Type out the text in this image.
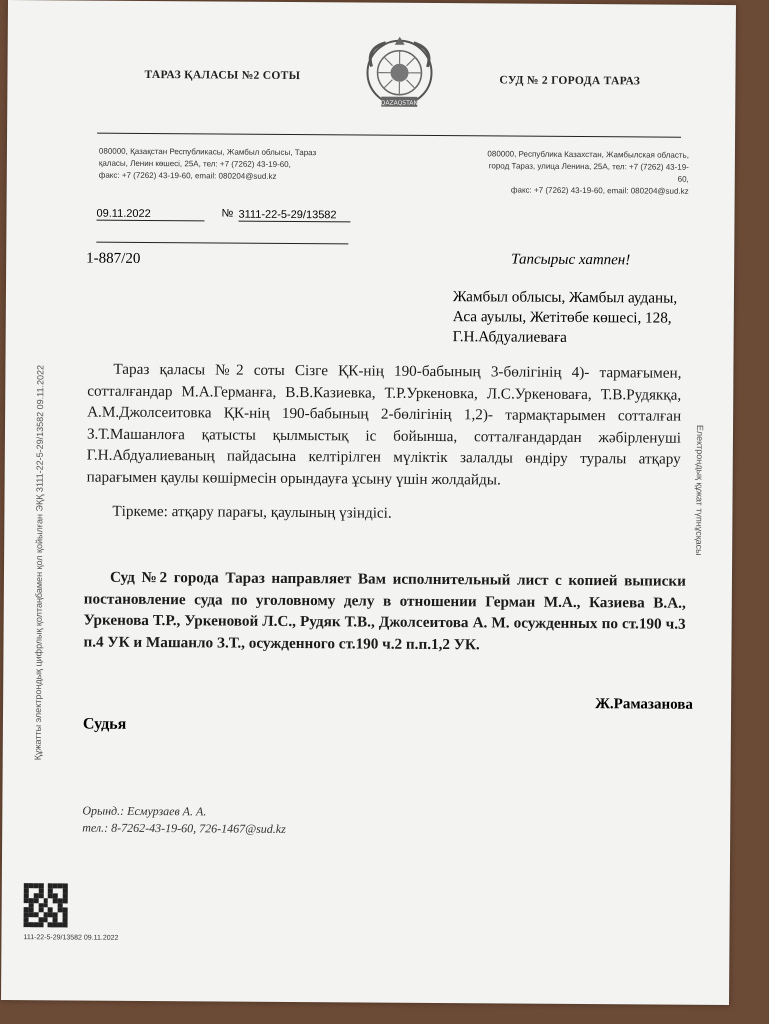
ТАРАЗ ҚАЛАСЫ №2 СОТЫ	СУД № 2 ГОРОДА ТАРАЗ
QAZAQSTAN
080000, Қазақстан Республикасы, Жамбыл облысы, Тараз
қаласы, Ленин көшесі, 25А, тел: +7 (7262) 43-19-60,
факс: +7 (7262) 43-19-60, email: 080204@sud.kz
080000, Республика Казахстан, Жамбылская область,
город Тараз, улица Ленина, 25А, тел: +7 (7262) 43-19-
60,
факс: +7 (7262) 43-19-60, email: 080204@sud.kz
09.11.2022	№ 3111-22-5-29/13582
1-887/20	Тапсырыс хатпен!
Жамбыл облысы, Жамбыл ауданы,
Аса ауылы, Жетітөбе көшесі, 128,
Г.Н.Абдуалиеваға
Тараз қаласы №2 соты Сізге ҚК-нің 190-бабының 3-бөлігінің 4)- тармағымен, сотталғандар М.А.Германға, В.В.Казиевка, Т.Р.Уркеновка, Л.С.Уркеноваға, Т.В.Рудякқа, А.М.Джолсеитовка ҚК-нің 190-бабының 2-бөлігінің 1,2)- тармақтарымен сотталған З.Т.Машанлоға қатысты қылмыстық іс бойынша, сотталғандардан жәбірленуші Г.Н.Абдуалиеваның пайдасына келтірілген мүліктік залалды өндіру туралы атқару парағымен қаулы көшірмесін орындауға ұсыну үшін жолдайды.
Тіркеме: атқару парағы, қаулының үзіндісі.
Суд №2 города Тараз направляет Вам исполнительный лист с копией выписки постановление суда по уголовному делу в отношении Герман М.А., Казиева В.А., Уркенова Т.Р., Уркеновой Л.С., Рудяк Т.В., Джолсеитова А. М. осужденных по ст.190 ч.3 п.4 УК и Машанло З.Т., осужденного ст.190 ч.2 п.п.1,2 УК.
Ж.Рамазанова
Судья
Орынд.: Есмурзаев А. А.
тел.: 8-7262-43-19-60, 726-1467@sud.kz
111-22-5-29/13582 09.11.2022
Құжатты электрондық цифрлық қолтаңбамен қол қойылған ЭҚҚ 3111-22-5-29/13582 09.11.2022	Електрондық құжат түпнұсқасы
